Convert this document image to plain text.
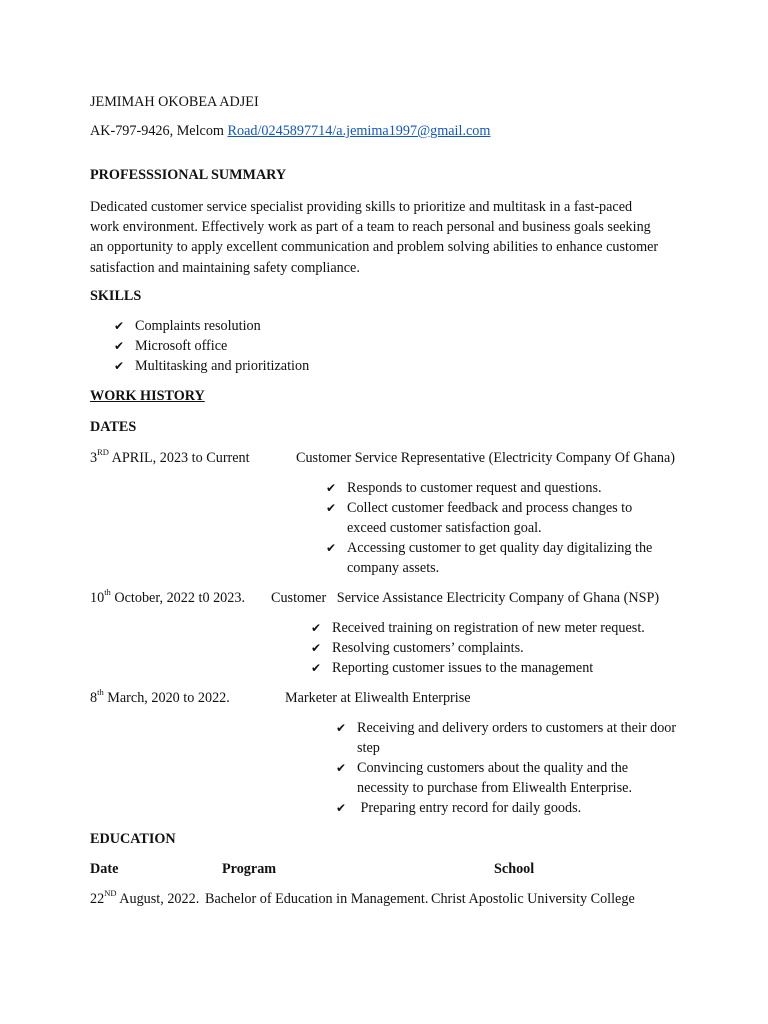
JEMIMAH OKOBEA ADJEI
AK-797-9426, Melcom Road/0245897714/a.jemima1997@gmail.com
PROFESSSIONAL SUMMARY
Dedicated customer service specialist providing skills to prioritize and multitask in a fast-paced work environment. Effectively work as part of a team to reach personal and business goals seeking an opportunity to apply excellent communication and problem solving abilities to enhance customer satisfaction and maintaining safety compliance.
SKILLS
✔ Complaints resolution
✔ Microsoft office
✔ Multitasking and prioritization
WORK HISTORY
DATES
3RD APRIL, 2023 to Current	Customer Service Representative (Electricity Company Of Ghana)
✔ Responds to customer request and questions.
✔ Collect customer feedback and process changes to exceed customer satisfaction goal.
✔ Accessing customer to get quality day digitalizing the company assets.
10th October, 2022 t0 2023. Customer   Service Assistance Electricity Company of Ghana (NSP)
✔ Received training on registration of new meter request.
✔ Resolving customers’ complaints.
✔ Reporting customer issues to the management
8th March, 2020 to 2022.	Marketer at Eliwealth Enterprise
✔ Receiving and delivery orders to customers at their door step
✔ Convincing customers about the quality and the necessity to purchase from Eliwealth Enterprise.
✔ Preparing entry record for daily goods.
EDUCATION
Date	Program	School
22ND August, 2022. Bachelor of Education in Management. Christ Apostolic University College
